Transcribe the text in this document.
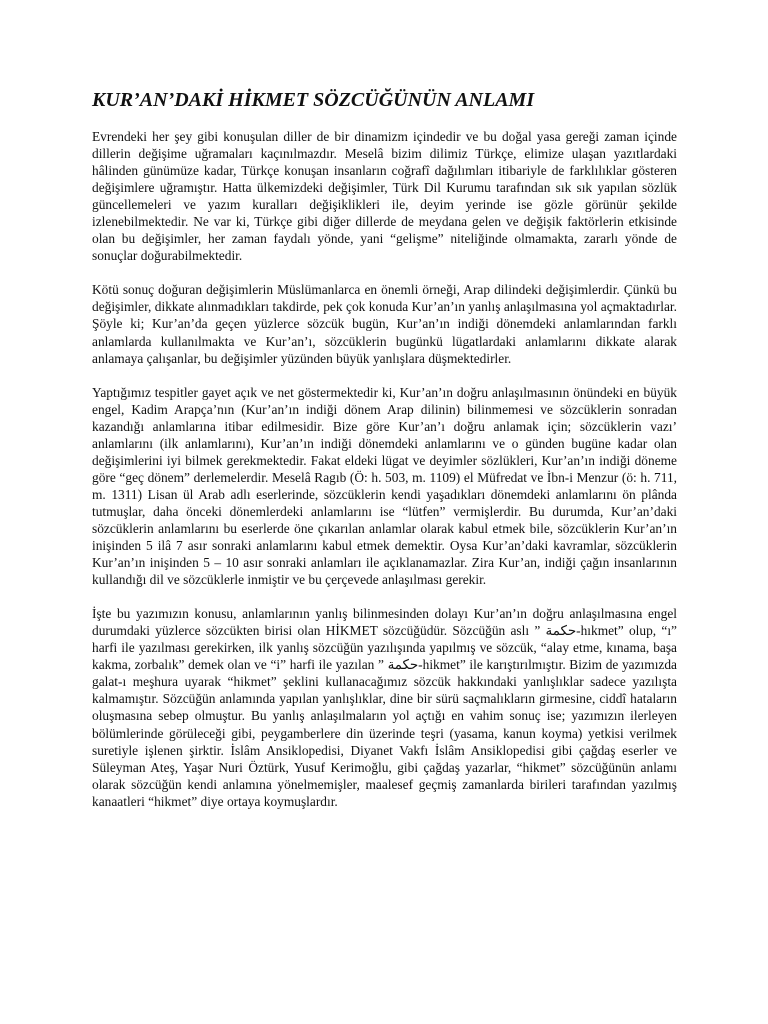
KUR’AN’DAKİ HİKMET SÖZCÜĞÜNÜN ANLAMI

Evrendeki her şey gibi konuşulan diller de bir dinamizm içindedir ve bu doğal yasa gereği zaman içinde dillerin değişime uğramaları kaçınılmazdır. Meselâ bizim dilimiz Türkçe, elimize ulaşan yazıtlardaki hâlinden günümüze kadar, Türkçe konuşan insanların coğrafî dağılımları itibariyle de farklılıklar gösteren değişimlere uğramıştır. Hatta ülkemizdeki değişimler, Türk Dil Kurumu tarafından sık sık yapılan sözlük güncellemeleri ve yazım kuralları değişiklikleri ile, deyim yerinde ise gözle görünür şekilde izlenebilmektedir. Ne var ki, Türkçe gibi diğer dillerde de meydana gelen ve değişik faktörlerin etkisinde olan bu değişimler, her zaman faydalı yönde, yani “gelişme” niteliğinde olmamakta, zararlı yönde de sonuçlar doğurabilmektedir.

Kötü sonuç doğuran değişimlerin Müslümanlarca en önemli örneği, Arap dilindeki değişimlerdir. Çünkü bu değişimler, dikkate alınmadıkları takdirde, pek çok konuda Kur’an’ın yanlış anlaşılmasına yol açmaktadırlar. Şöyle ki; Kur’an’da geçen yüzlerce sözcük bugün, Kur’an’ın indiği dönemdeki anlamlarından farklı anlamlarda kullanılmakta ve Kur’an’ı, sözcüklerin bugünkü lügatlardaki anlamlarını dikkate alarak anlamaya çalışanlar, bu değişimler yüzünden büyük yanlışlara düşmektedirler.

Yaptığımız tespitler gayet açık ve net göstermektedir ki, Kur’an’ın doğru anlaşılmasının önündeki en büyük engel, Kadim Arapça’nın (Kur’an’ın indiği dönem Arap dilinin) bilinmemesi ve sözcüklerin sonradan kazandığı anlamlarına itibar edilmesidir. Bize göre Kur’an’ı doğru anlamak için; sözcüklerin vazı’ anlamlarını (ilk anlamlarını), Kur’an’ın indiği dönemdeki anlamlarını ve o günden bugüne kadar olan değişimlerini iyi bilmek gerekmektedir. Fakat eldeki lügat ve deyimler sözlükleri, Kur’an’ın indiği döneme göre “geç dönem” derlemelerdir. Meselâ Ragıb (Ö: h. 503, m. 1109) el Müfredat ve İbn-i Menzur (ö: h. 711, m. 1311) Lisan ül Arab adlı eserlerinde, sözcüklerin kendi yaşadıkları dönemdeki anlamlarını ön plânda tutmuşlar, daha önceki dönemlerdeki anlamlarını ise “lütfen” vermişlerdir. Bu durumda, Kur’an’daki sözcüklerin anlamlarını bu eserlerde öne çıkarılan anlamlar olarak kabul etmek bile, sözcüklerin Kur’an’ın inişinden 5 ilâ 7 asır sonraki anlamlarını kabul etmek demektir. Oysa Kur’an’daki kavramlar, sözcüklerin Kur’an’ın inişinden 5 – 10 asır sonraki anlamları ile açıklanamazlar. Zira Kur’an, indiği çağın insanlarının kullandığı dil ve sözcüklerle inmiştir ve bu çerçevede anlaşılması gerekir.

İşte bu yazımızın konusu, anlamlarının yanlış bilinmesinden dolayı Kur’an’ın doğru anlaşılmasına engel durumdaki yüzlerce sözcükten birisi olan HİKMET sözcüğüdür. Sözcüğün aslı ” حكمة-hıkmet” olup, “ı” harfi ile yazılması gerekirken, ilk yanlış sözcüğün yazılışında yapılmış ve sözcük, “alay etme, kınama, başa kakma, zorbalık” demek olan ve “i” harfi ile yazılan ” حكمة-hikmet” ile karıştırılmıştır. Bizim de yazımızda galat-ı meşhura uyarak “hikmet” şeklini kullanacağımız sözcük hakkındaki yanlışlıklar sadece yazılışta kalmamıştır. Sözcüğün anlamında yapılan yanlışlıklar, dine bir sürü saçmalıkların girmesine, ciddî hataların oluşmasına sebep olmuştur. Bu yanlış anlaşılmaların yol açtığı en vahim sonuç ise; yazımızın ilerleyen bölümlerinde görüleceği gibi, peygamberlere din üzerinde teşri (yasama, kanun koyma) yetkisi verilmek suretiyle işlenen şirktir. İslâm Ansiklopedisi, Diyanet Vakfı İslâm Ansiklopedisi gibi çağdaş eserler ve Süleyman Ateş, Yaşar Nuri Öztürk, Yusuf Kerimoğlu, gibi çağdaş yazarlar, “hikmet” sözcüğünün anlamı olarak sözcüğün kendi anlamına yönelmemişler, maalesef geçmiş zamanlarda birileri tarafından yazılmış kanaatleri “hikmet” diye ortaya koymuşlardır.
